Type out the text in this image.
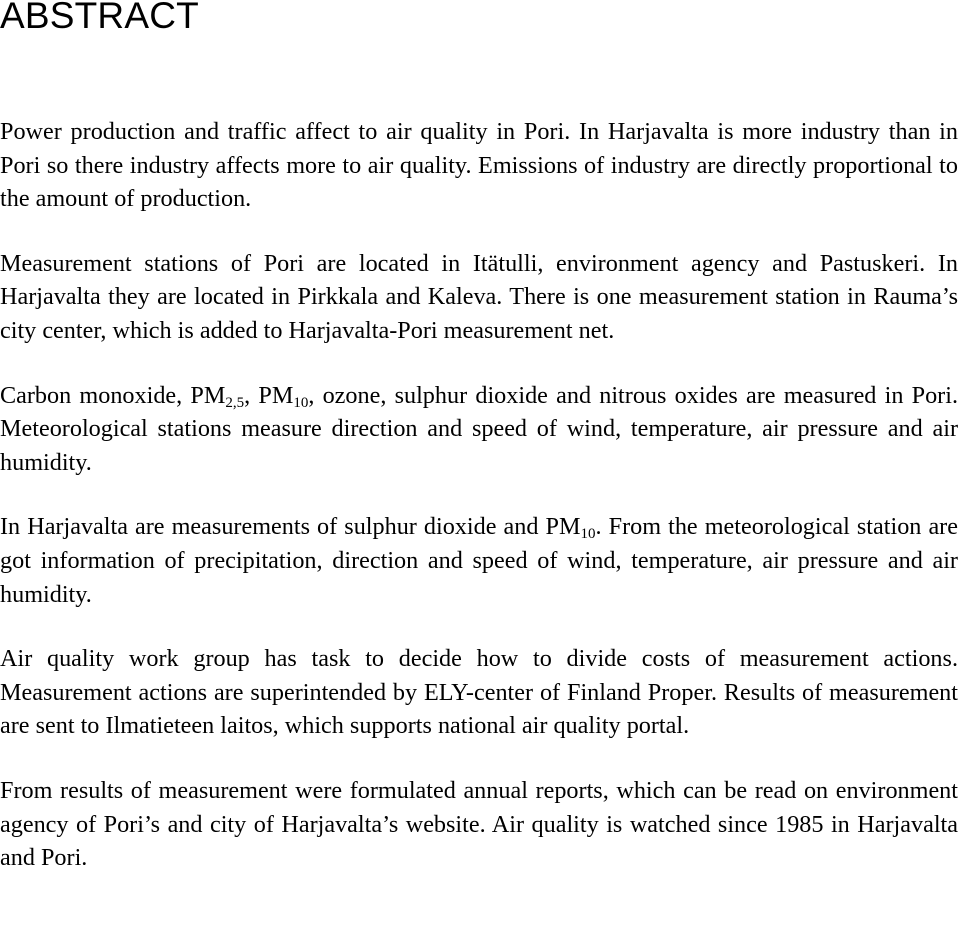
ABSTRACT

Power production and traffic affect to air quality in Pori. In Harjavalta is more industry than in Pori so there industry affects more to air quality. Emissions of industry are directly proportional to the amount of production.

Measurement stations of Pori are located in Itätulli, environment agency and Pastuskeri. In Harjavalta they are located in Pirkkala and Kaleva. There is one measurement station in Rauma’s city center, which is added to Harjavalta-Pori measurement net.

Carbon monoxide, $PM_{2,5}$, $PM_{10}$, ozone, sulphur dioxide and nitrous oxides are measured in Pori. Meteorological stations measure direction and speed of wind, temperature, air pressure and air humidity.

In Harjavalta are measurements of sulphur dioxide and $PM_{10}$. From the meteorological station are got information of precipitation, direction and speed of wind, temperature, air pressure and air humidity.

Air quality work group has task to decide how to divide costs of measurement actions. Measurement actions are superintended by ELY-center of Finland Proper. Results of measurement are sent to Ilmatieteen laitos, which supports national air quality portal.

From results of measurement were formulated annual reports, which can be read on environment agency of Pori’s and city of Harjavalta’s website. Air quality is watched since 1985 in Harjavalta and Pori.
